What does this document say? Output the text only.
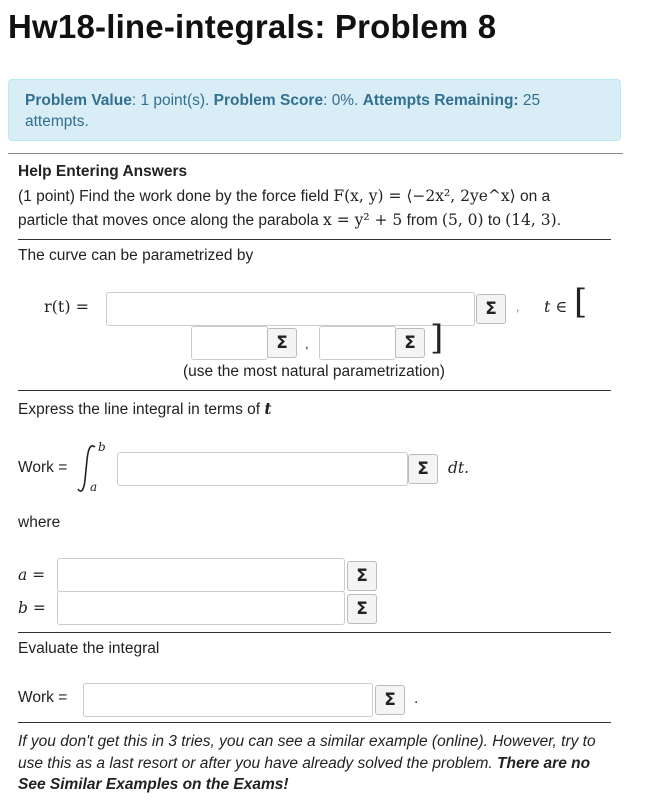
Hw18-line-integrals: Problem 8
Problem Value: 1 point(s). Problem Score: 0%. Attempts Remaining: 25 attempts.
Help Entering Answers
(1 point) Find the work done by the force field F(x, y) = ⟨−2x², 2ye^x⟩ on a
particle that moves once along the parabola x = y² + 5 from (5, 0) to (14, 3).
The curve can be parametrized by
r(t) =	Σ	, t ∈ [
Σ	,	Σ ]
(use the most natural parametrization)
Express the line integral in terms of t
Work =
b
a
Σ	dt.
where
a =	Σ
b =	Σ
Evaluate the integral
Work =	Σ	.
If you don't get this in 3 tries, you can see a similar example (online). However, try to use this as a last resort or after you have already solved the problem. There are no See Similar Examples on the Exams!
